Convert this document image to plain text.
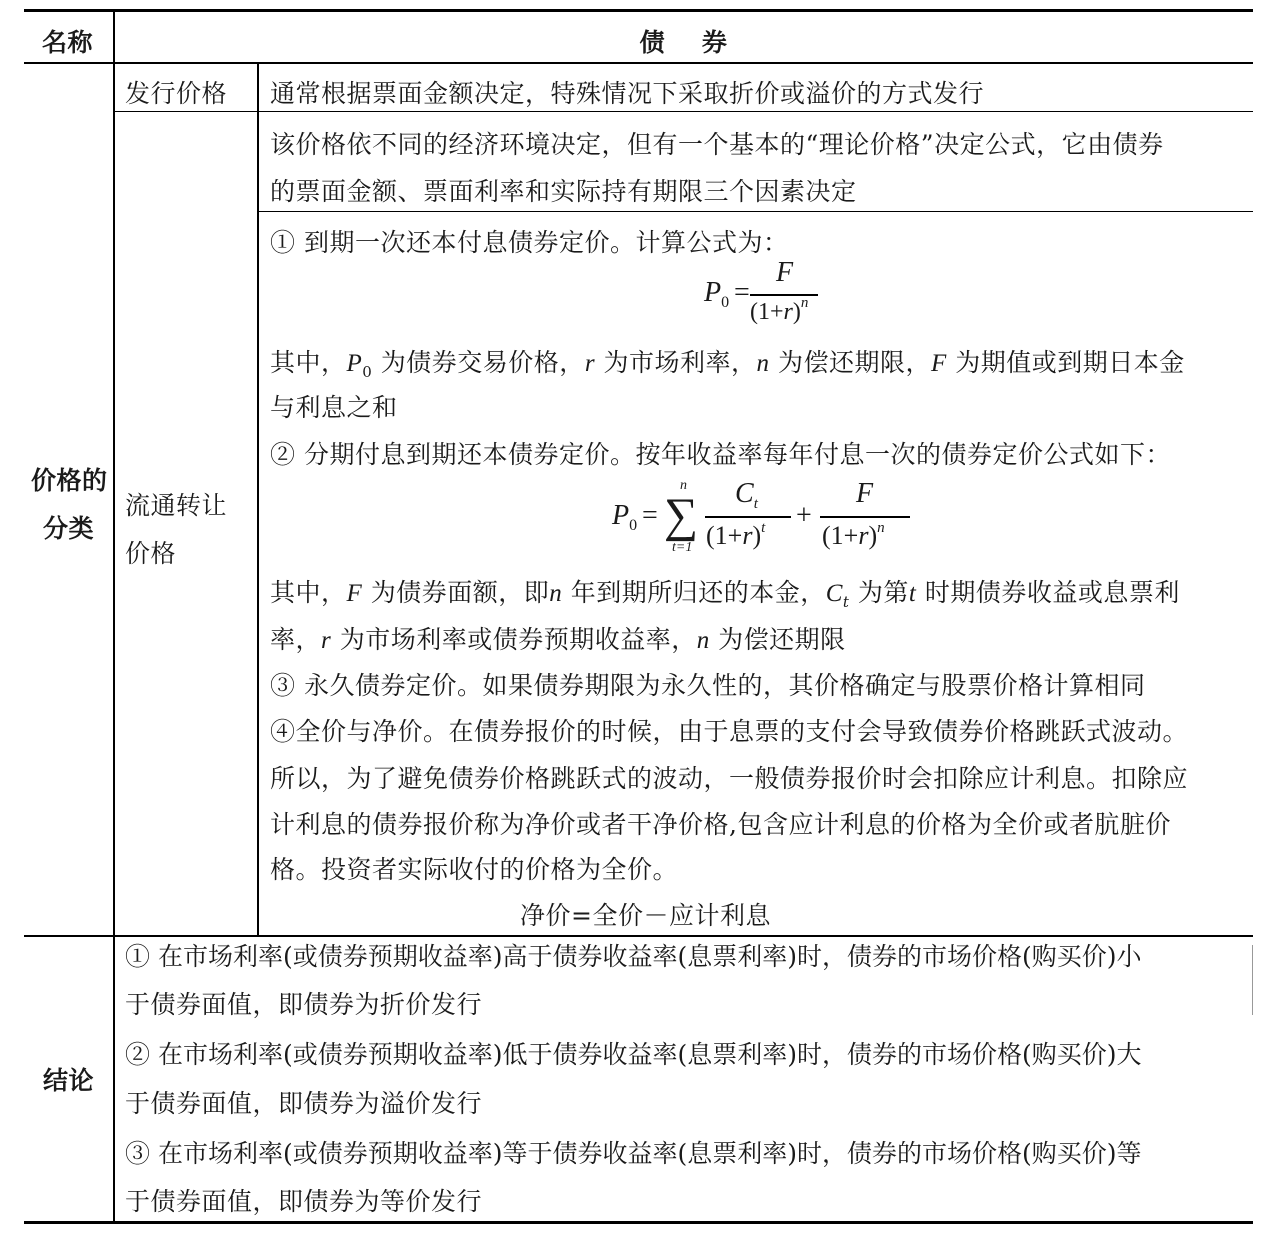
名称	债    券
价格的
分类
发行价格 通常根据票面金额决定，特殊情况下采取折价或溢价的方式发行
流通转让
价格
该价格依不同的经济环境决定，但有一个基本的“理论价格”决定公式，它由债券
的票面金额、票面利率和实际持有期限三个因素决定
① 到期一次还本付息债券定价。计算公式为：
$P_0$ =
F
$(1+r)^n$
其中，$P_0$ 为债券交易价格，r 为市场利率，n 为偿还期限，F 为期值或到期日本金
与利息之和
② 分期付息到期还本债券定价。按年收益率每年付息一次的债券定价公式如下：
$P_0$ = ∑
n
t=1
$C_t$
$(1+r)^t$ +
F
$(1+r)^n$
其中，F 为债券面额，即n 年到期所归还的本金，$C_t$ 为第t 时期债券收益或息票利
率，r 为市场利率或债券预期收益率，n 为偿还期限
③ 永久债券定价。如果债券期限为永久性的，其价格确定与股票价格计算相同
④全价与净价。在债券报价的时候，由于息票的支付会导致债券价格跳跃式波动。
所以，为了避免债券价格跳跃式的波动，一般债券报价时会扣除应计利息。扣除应
计利息的债券报价称为净价或者干净价格,包含应计利息的价格为全价或者肮脏价
格。投资者实际收付的价格为全价。
净价=全价－应计利息
结论
① 在市场利率(或债券预期收益率)高于债券收益率(息票利率)时，债券的市场价格(购买价)小
于债券面值，即债券为折价发行
② 在市场利率(或债券预期收益率)低于债券收益率(息票利率)时，债券的市场价格(购买价)大
于债券面值，即债券为溢价发行
③ 在市场利率(或债券预期收益率)等于债券收益率(息票利率)时，债券的市场价格(购买价)等
于债券面值，即债券为等价发行
